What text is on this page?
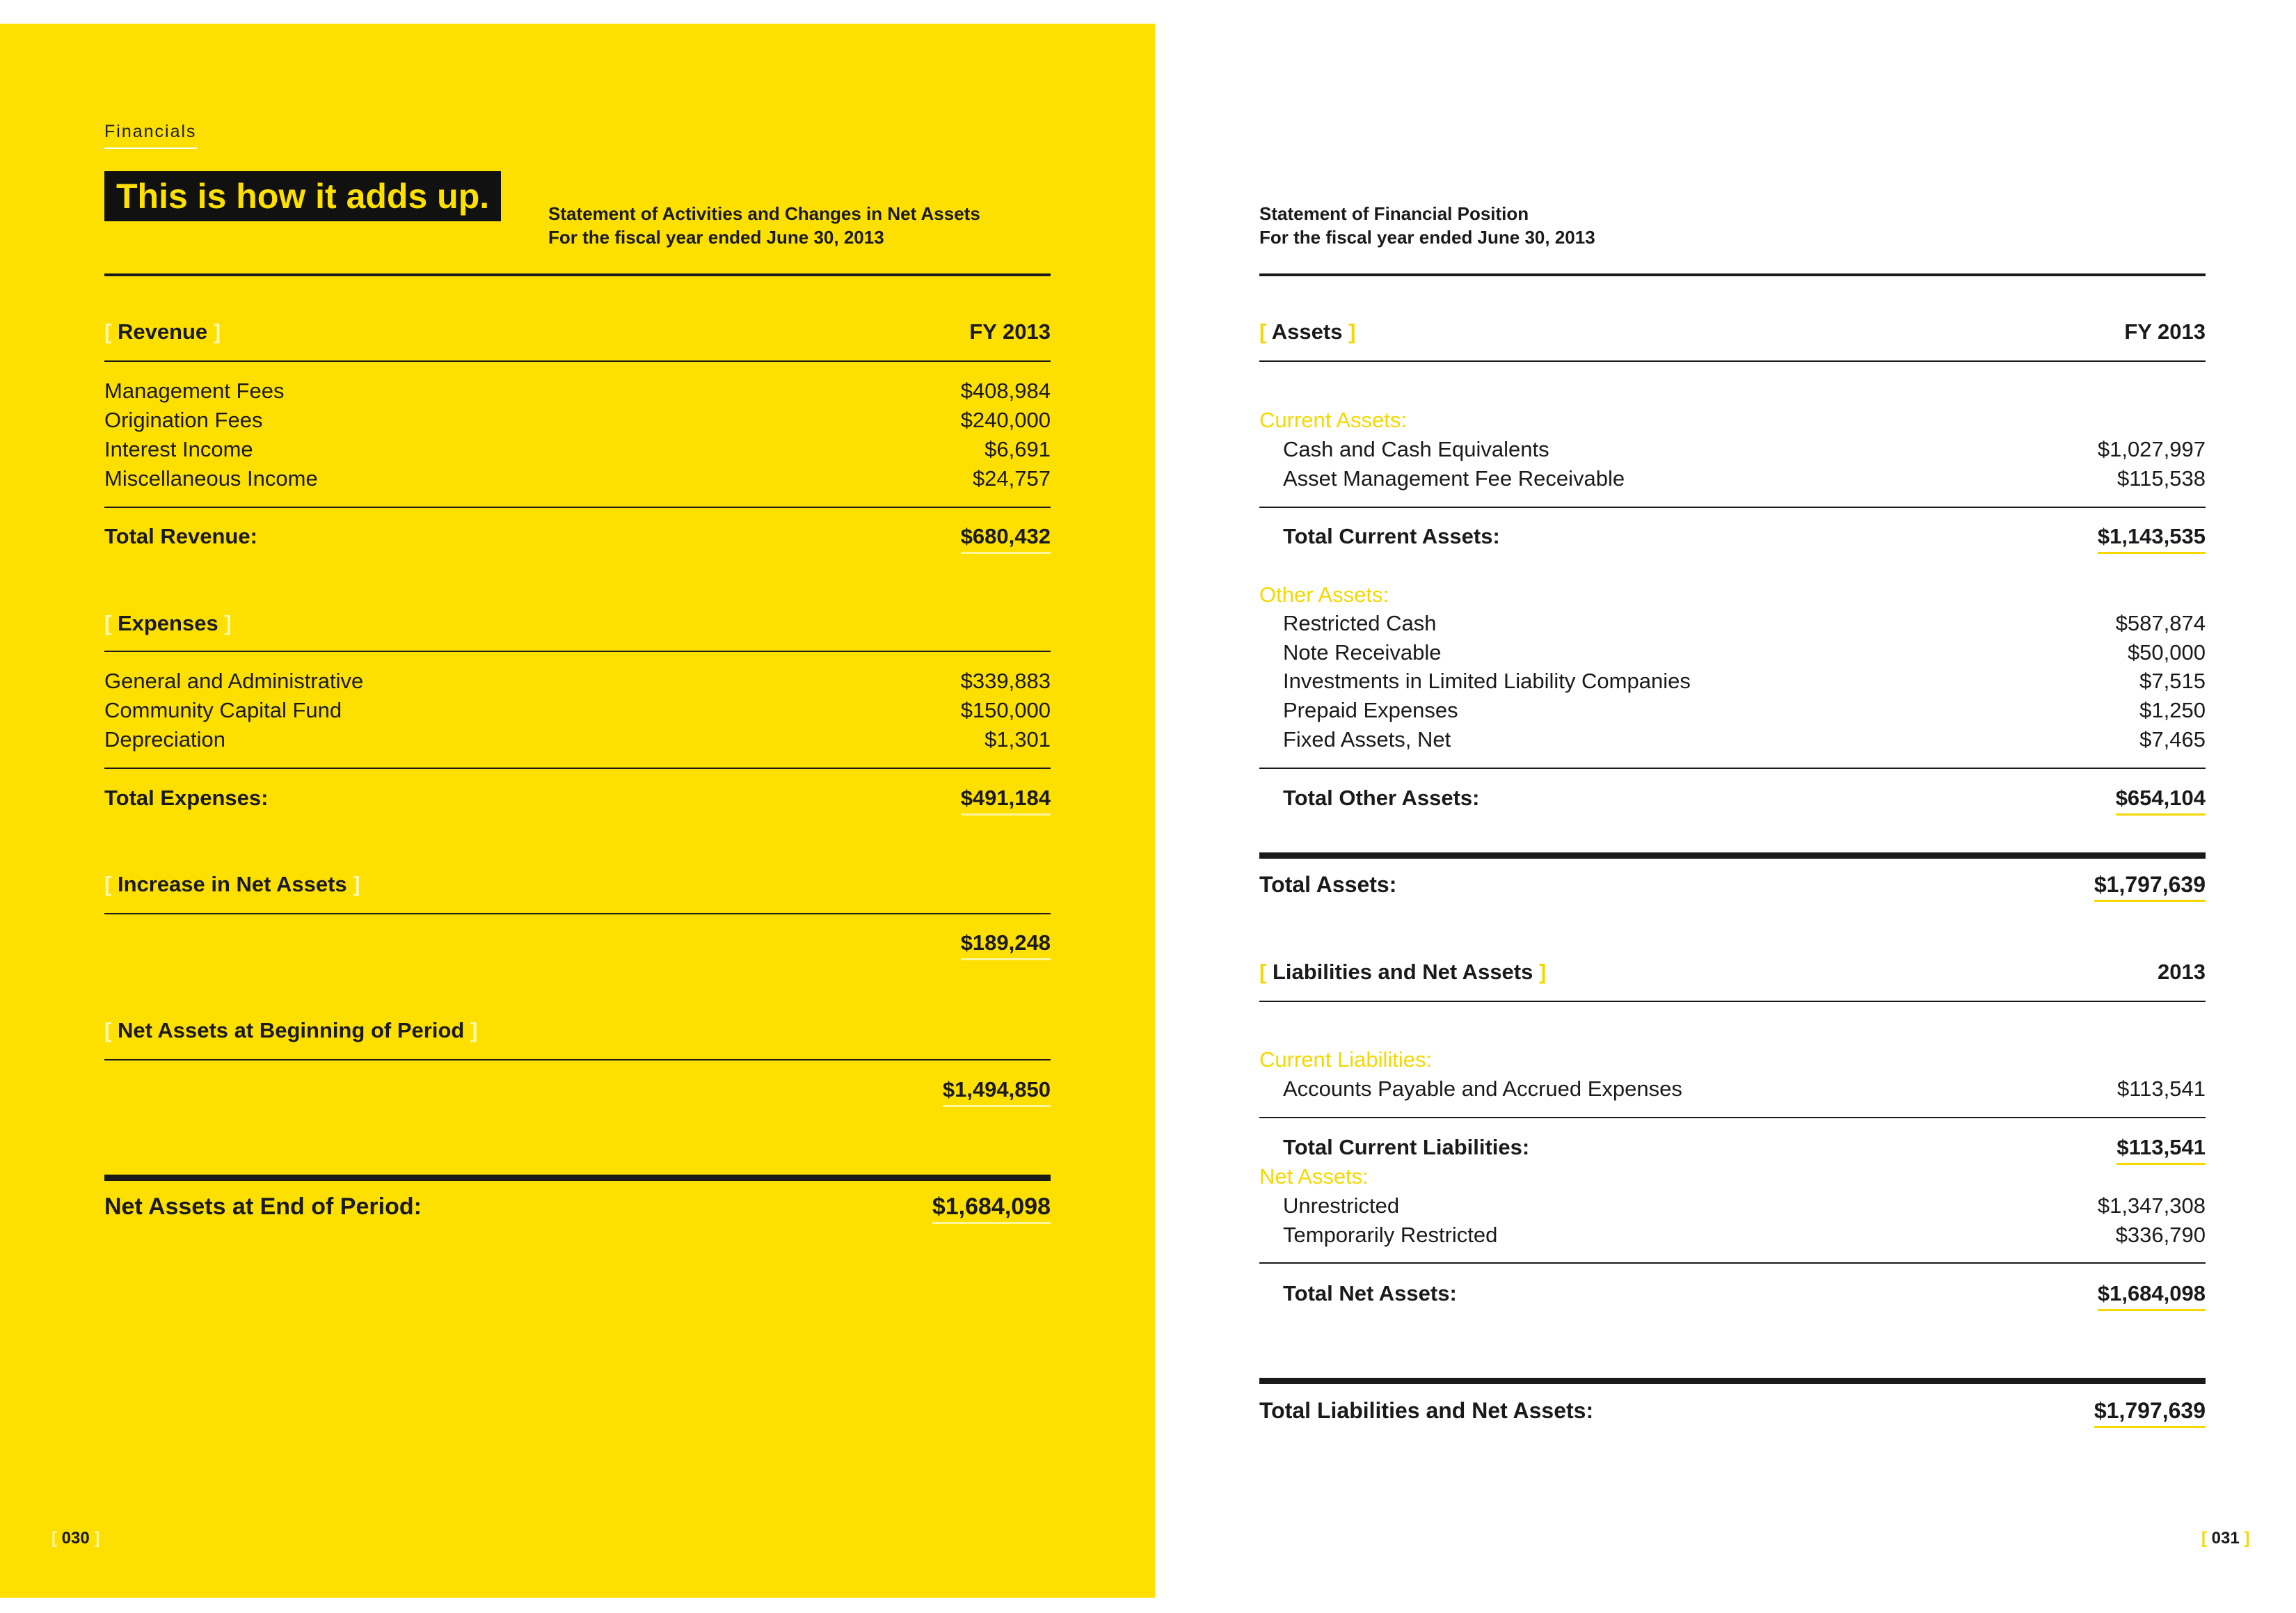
Financials
This is how it adds up.	Statement of Activities and Changes in Net Assets
For the fiscal year ended June 30, 2013
[ Revenue ]	FY 2013
Management Fees	$408,984
Origination Fees	$240,000
Interest Income	$6,691
Miscellaneous Income	$24,757
Total Revenue:	$680,432
[ Expenses ]
General and Administrative	$339,883
Community Capital Fund	$150,000
Depreciation	$1,301
Total Expenses:	$491,184
[ Increase in Net Assets ]
$189,248
[ Net Assets at Beginning of Period ]
$1,494,850
Net Assets at End of Period:	$1,684,098
[ 030 ]
Statement of Financial Position
For the fiscal year ended June 30, 2013
[ Assets ]	FY 2013
Current Assets:
Cash and Cash Equivalents	$1,027,997
Asset Management Fee Receivable	$115,538
Total Current Assets:	$1,143,535
Other Assets:
Restricted Cash	$587,874
Note Receivable	$50,000
Investments in Limited Liability Companies	$7,515
Prepaid Expenses	$1,250
Fixed Assets, Net	$7,465
Total Other Assets:	$654,104
Total Assets:	$1,797,639
[ Liabilities and Net Assets ]	2013
Current Liabilities:
Accounts Payable and Accrued Expenses	$113,541
Total Current Liabilities:	$113,541
Net Assets:
Unrestricted	$1,347,308
Temporarily Restricted	$336,790
Total Net Assets:	$1,684,098
Total Liabilities and Net Assets:	$1,797,639
[ 031 ]
